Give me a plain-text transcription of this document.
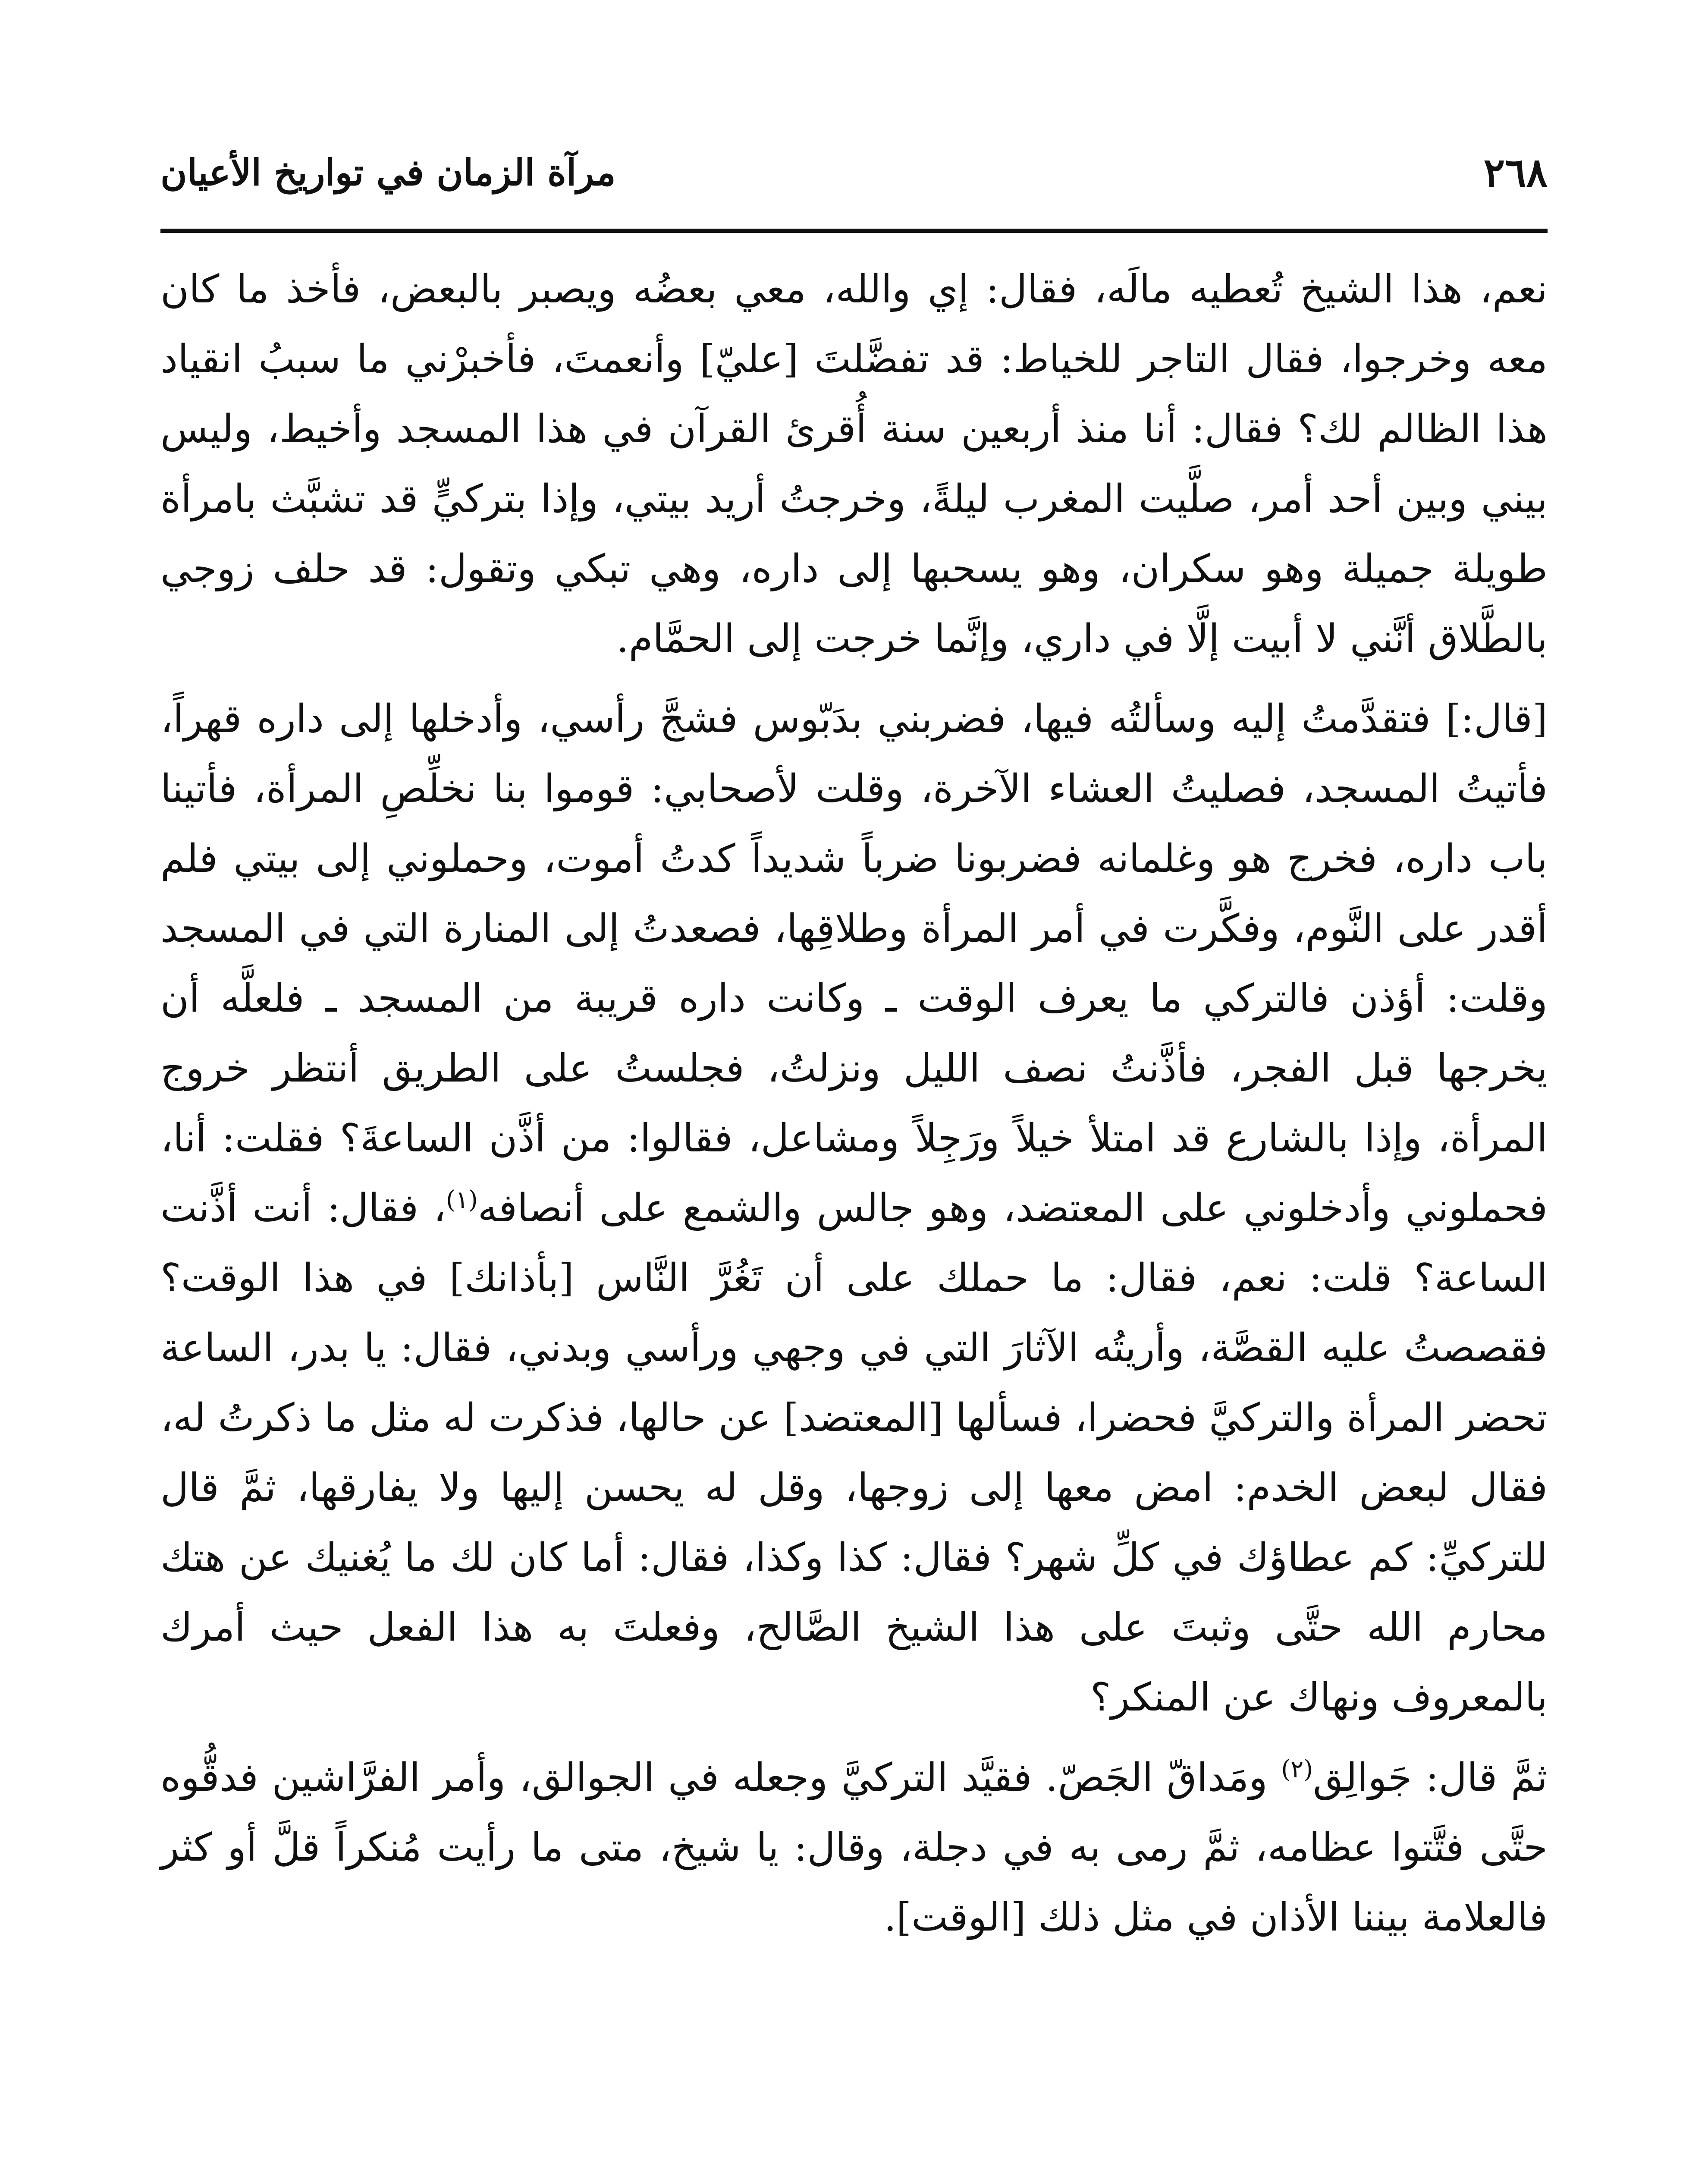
٢٦٨
مرآة الزمان في تواريخ الأعيان

نعم، هذا الشيخ تُعطيه مالَه، فقال: إي والله، معي بعضُه ويصبر بالبعض، فأخذ ما كان معه وخرجوا، فقال التاجر للخياط: قد تفضَّلتَ [عليّ] وأنعمتَ، فأخبرْني ما سببُ انقياد هذا الظالم لك؟ فقال: أنا منذ أربعين سنة أُقرئ القرآن في هذا المسجد وأخيط، وليس بيني وبين أحد أمر، صلَّيت المغرب ليلةً، وخرجتُ أريد بيتي، وإذا بتركيٍّ قد تشبَّث بامرأة طويلة جميلة وهو سكران، وهو يسحبها إلى داره، وهي تبكي وتقول: قد حلف زوجي بالطَّلاق أنَّني لا أبيت إلَّا في داري، وإنَّما خرجت إلى الحمَّام.

[قال:] فتقدَّمتُ إليه وسألتُه فيها، فضربني بدَبّوس فشجَّ رأسي، وأدخلها إلى داره قهراً، فأتيتُ المسجد، فصليتُ العشاء الآخرة، وقلت لأصحابي: قوموا بنا نخلِّصِ المرأة، فأتينا باب داره، فخرج هو وغلمانه فضربونا ضرباً شديداً كدتُ أموت، وحملوني إلى بيتي فلم أقدر على النَّوم، وفكَّرت في أمر المرأة وطلاقِها، فصعدتُ إلى المنارة التي في المسجد وقلت: أؤذن فالتركي ما يعرف الوقت ـ وكانت داره قريبة من المسجد ـ فلعلَّه أن يخرجها قبل الفجر، فأذَّنتُ نصف الليل ونزلتُ، فجلستُ على الطريق أنتظر خروج المرأة، وإذا بالشارع قد امتلأ خيلاً ورَجِلاً ومشاعل، فقالوا: من أذَّن الساعةَ؟ فقلت: أنا، فحملوني وأدخلوني على المعتضد، وهو جالس والشمع على أنصافه$^{(١)}$، فقال: أنت أذَّنت الساعة؟ قلت: نعم، فقال: ما حملك على أن تَغُرَّ النَّاس [بأذانك] في هذا الوقت؟ فقصصتُ عليه القصَّة، وأريتُه الآثارَ التي في وجهي ورأسي وبدني، فقال: يا بدر، الساعة تحضر المرأة والتركيَّ فحضرا، فسألها [المعتضد] عن حالها، فذكرت له مثل ما ذكرتُ له، فقال لبعض الخدم: امض معها إلى زوجها، وقل له يحسن إليها ولا يفارقها، ثمَّ قال للتركيِّ: كم عطاؤك في كلِّ شهر؟ فقال: كذا وكذا، فقال: أما كان لك ما يُغنيك عن هتك محارم الله حتَّى وثبتَ على هذا الشيخ الصَّالح، وفعلتَ به هذا الفعل حيث أمرك بالمعروف ونهاك عن المنكر؟

ثمَّ قال: جَوالِق$^{(٢)}$ ومَداقّ الجَصّ. فقيَّد التركيَّ وجعله في الجوالق، وأمر الفرَّاشين فدقُّوه حتَّى فتَّتوا عظامه، ثمَّ رمى به في دجلة، وقال: يا شيخ، متى ما رأيت مُنكراً قلَّ أو كثر فالعلامة بيننا الأذان في مثل ذلك [الوقت].
